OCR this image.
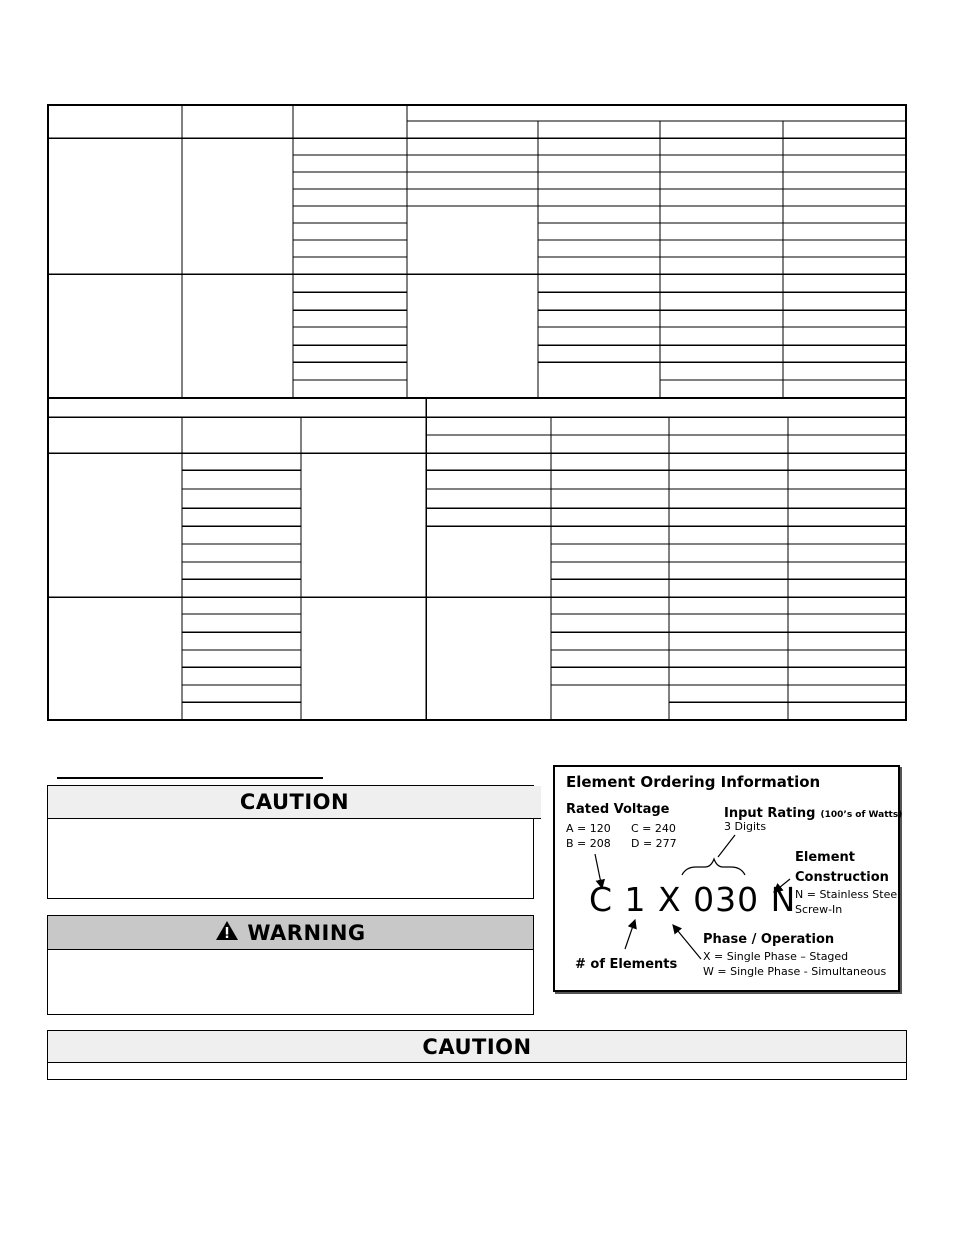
CAUTION
WARNING
CAUTION
Element Ordering Information
Rated Voltage
A = 120 C = 240
B = 208 D = 277
Input Rating (100’s of Watts)
3 Digits
Element
Construction
N = Stainless Steel
Screw-In
C 1 X 030 N
Phase / Operation
X = Single Phase – Staged
W = Single Phase - Simultaneous
# of Elements
